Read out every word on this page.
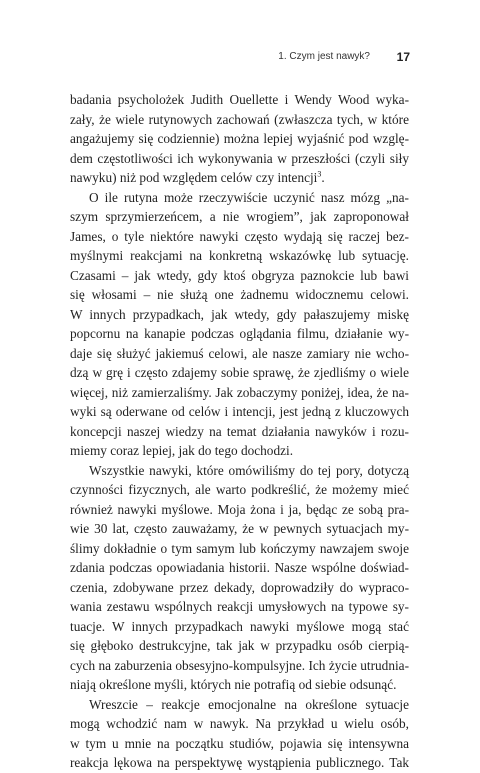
1. Czym jest nawyk? 17
badania psycholożek Judith Ouellette i Wendy Wood wyka-
zały, że wiele rutynowych zachowań (zwłaszcza tych, w które
angażujemy się codziennie) można lepiej wyjaśnić pod wzglę-
dem częstotliwości ich wykonywania w przeszłości (czyli siły
nawyku) niż pod względem celów czy intencji$^3$.
O ile rutyna może rzeczywiście uczynić nasz mózg „na-
szym sprzymierzeńcem, a nie wrogiem”, jak zaproponował
James, o tyle niektóre nawyki często wydają się raczej bez-
myślnymi reakcjami na konkretną wskazówkę lub sytuację.
Czasami – jak wtedy, gdy ktoś obgryza paznokcie lub bawi
się włosami – nie służą one żadnemu widocznemu celowi.
W innych przypadkach, jak wtedy, gdy pałaszujemy miskę
popcornu na kanapie podczas oglądania filmu, działanie wy-
daje się służyć jakiemuś celowi, ale nasze zamiary nie wcho-
dzą w grę i często zdajemy sobie sprawę, że zjedliśmy o wiele
więcej, niż zamierzaliśmy. Jak zobaczymy poniżej, idea, że na-
wyki są oderwane od celów i intencji, jest jedną z kluczowych
koncepcji naszej wiedzy na temat działania nawyków i rozu-
miemy coraz lepiej, jak do tego dochodzi.
Wszystkie nawyki, które omówiliśmy do tej pory, dotyczą
czynności fizycznych, ale warto podkreślić, że możemy mieć
również nawyki myślowe. Moja żona i ja, będąc ze sobą pra-
wie 30 lat, często zauważamy, że w pewnych sytuacjach my-
ślimy dokładnie o tym samym lub kończymy nawzajem swoje
zdania podczas opowiadania historii. Nasze wspólne doświad-
czenia, zdobywane przez dekady, doprowadziły do wypraco-
wania zestawu wspólnych reakcji umysłowych na typowe sy-
tuacje. W innych przypadkach nawyki myślowe mogą stać
się głęboko destrukcyjne, tak jak w przypadku osób cierpią-
cych na zaburzenia obsesyjno-kompulsyjne. Ich życie utrudnia-
niają określone myśli, których nie potrafią od siebie odsunąć.
Wreszcie – reakcje emocjonalne na określone sytuacje
mogą wchodzić nam w nawyk. Na przykład u wielu osób,
w tym u mnie na początku studiów, pojawia się intensywna
reakcja lękowa na perspektywę wystąpienia publicznego. Tak
